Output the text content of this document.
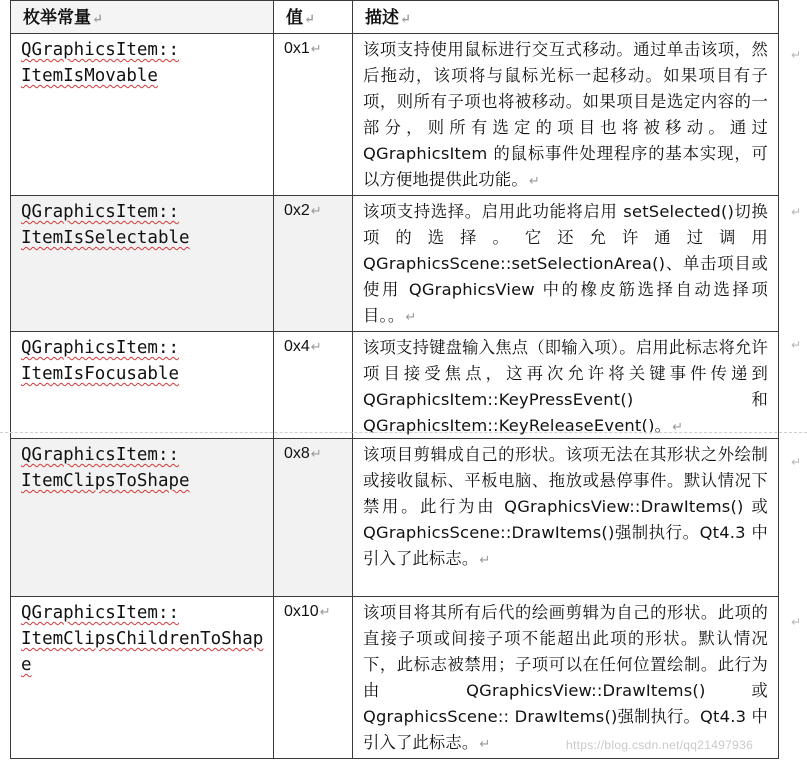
枚举常量↵	值↵	描述↵

QGraphicsItem::
ItemIsMovable	0x1↵	该项支持使用鼠标进行交互式移动。通过单击该项，然后拖动，该项将与鼠标光标一起移动。如果项目有子项，则所有子项也将被移动。如果项目是选定内容的一部分，则所有选定的项目也将被移动。通过 QGraphicsItem 的鼠标事件处理程序的基本实现，可以方便地提供此功能。↵

QGraphicsItem::
ItemIsSelectable	0x2↵	该项支持选择。启用此功能将启用 setSelected()切换项的选择。它还允许通过调用 QGraphicsScene::setSelectionArea()、单击项目或使用 QGraphicsView 中的橡皮筋选择自动选择项目。。↵

QGraphicsItem::
ItemIsFocusable	0x4↵	该项支持键盘输入焦点（即输入项）。启用此标志将允许项目接受焦点，这再次允许将关键事件传递到 QGraphicsItem::KeyPressEvent() 和 QGraphicsItem::KeyReleaseEvent()。↵
QGraphicsItem::
ItemClipsToShape	0x8↵	该项目剪辑成自己的形状。该项无法在其形状之外绘制或接收鼠标、平板电脑、拖放或悬停事件。默认情况下禁用。此行为由 QGraphicsView::DrawItems() 或 QGraphicsScene::DrawItems()强制执行。Qt4.3 中引入了此标志。↵

QGraphicsItem::
ItemClipsChildrenToShape	0x10↵	该项目将其所有后代的绘画剪辑为自己的形状。此项的直接子项或间接子项不能超出此项的形状。默认情况下，此标志被禁用；子项可以在任何位置绘制。此行为由 QGraphicsView::DrawItems() 或 QgraphicsScene:: DrawItems()强制执行。Qt4.3 中引入了此标志。↵
↵
↵
↵
↵
↵
https://blog.csdn.net/qq21497936
